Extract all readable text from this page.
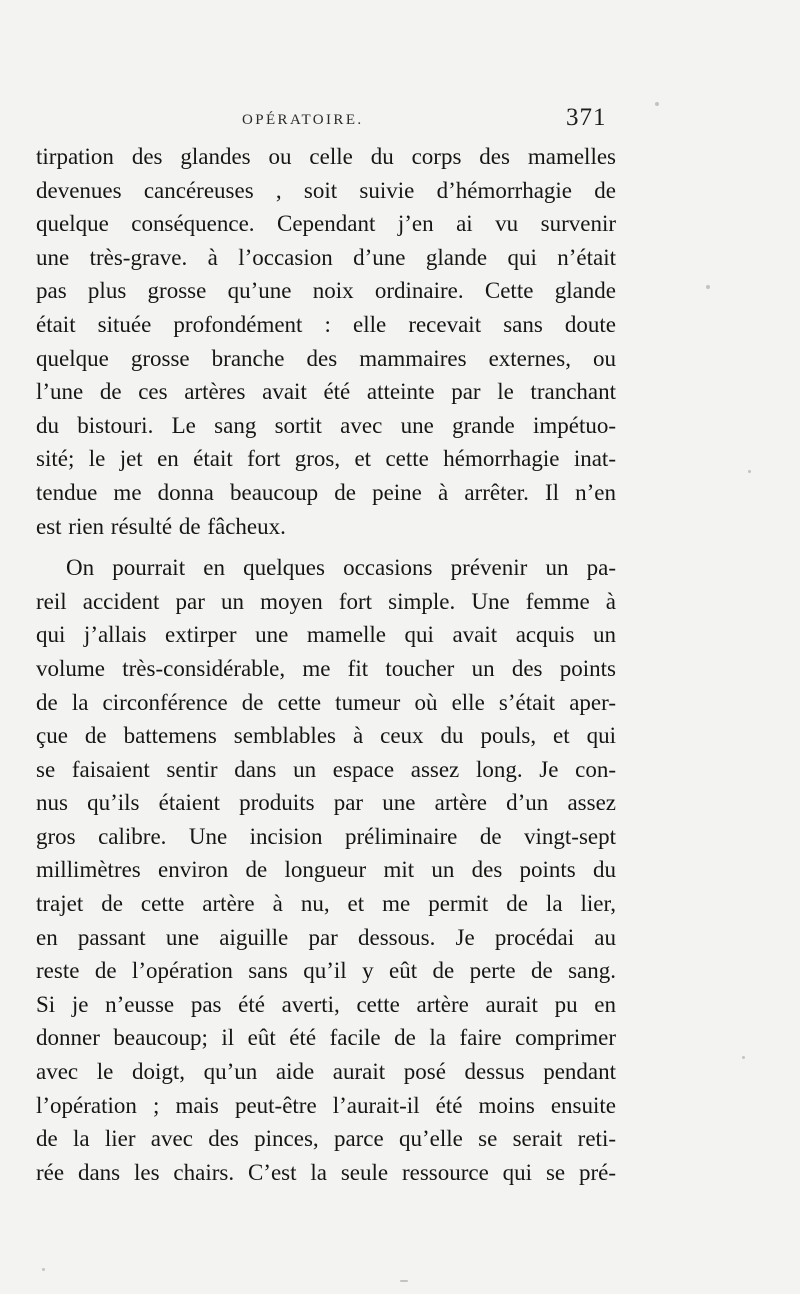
OPÉRATOIRE.	371
tirpation des glandes ou celle du corps des mamelles
devenues cancéreuses , soit suivie d’hémorrhagie de
quelque conséquence. Cependant j’en ai vu survenir
une très-grave. à l’occasion d’une glande qui n’était
pas plus grosse qu’une noix ordinaire. Cette glande
était située profondément : elle recevait sans doute
quelque grosse branche des mammaires externes, ou
l’une de ces artères avait été atteinte par le tranchant
du bistouri. Le sang sortit avec une grande impétuo-
sité; le jet en était fort gros, et cette hémorrhagie inat-
tendue me donna beaucoup de peine à arrêter. Il n’en
est rien résulté de fâcheux.
On pourrait en quelques occasions prévenir un pa-
reil accident par un moyen fort simple. Une femme à
qui j’allais extirper une mamelle qui avait acquis un
volume très-considérable, me fit toucher un des points
de la circonférence de cette tumeur où elle s’était aper-
çue de battemens semblables à ceux du pouls, et qui
se faisaient sentir dans un espace assez long. Je con-
nus qu’ils étaient produits par une artère d’un assez
gros calibre. Une incision préliminaire de vingt-sept
millimètres environ de longueur mit un des points du
trajet de cette artère à nu, et me permit de la lier,
en passant une aiguille par dessous. Je procédai au
reste de l’opération sans qu’il y eût de perte de sang.
Si je n’eusse pas été averti, cette artère aurait pu en
donner beaucoup; il eût été facile de la faire comprimer
avec le doigt, qu’un aide aurait posé dessus pendant
l’opération ; mais peut-être l’aurait-il été moins ensuite
de la lier avec des pinces, parce qu’elle se serait reti-
rée dans les chairs. C’est la seule ressource qui se pré-
